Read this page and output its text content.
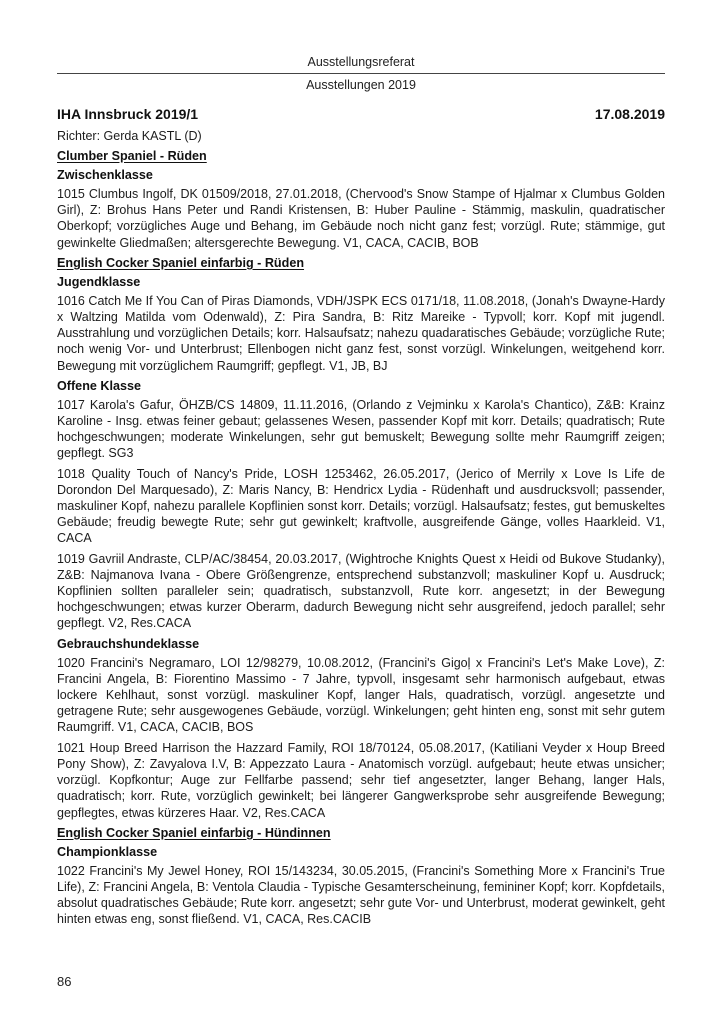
Ausstellungsreferat
Ausstellungen 2019
IHA Innsbruck 2019/1	17.08.2019
Richter: Gerda KASTL (D)
Clumber Spaniel - Rüden
Zwischenklasse

1015 Clumbus Ingolf, DK 01509/2018, 27.01.2018, (Chervood's Snow Stampe of Hjalmar x Clumbus Golden Girl), Z: Brohus Hans Peter und Randi Kristensen, B: Huber Pauline - Stämmig, maskulin, quadratischer Oberkopf; vorzügliches Auge und Behang, im Gebäude noch nicht ganz fest; vorzügl. Rute; stämmige, gut gewinkelte Gliedmaßen; altersgerechte Bewegung. V1, CACA, CACIB, BOB

English Cocker Spaniel einfarbig - Rüden
Jugendklasse

1016 Catch Me If You Can of Piras Diamonds, VDH/JSPK ECS 0171/18, 11.08.2018, (Jonah's Dwayne-Hardy x Waltzing Matilda vom Odenwald), Z: Pira Sandra, B: Ritz Mareike - Typvoll; korr. Kopf mit jugendl. Ausstrahlung und vorzüglichen Details; korr. Halsaufsatz; nahezu quadaratisches Gebäude; vorzügliche Rute; noch wenig Vor- und Unterbrust; Ellenbogen nicht ganz fest, sonst vorzügl. Winkelungen, weitgehend korr. Bewegung mit vorzüglichem Raumgriff; gepflegt. V1, JB, BJ

Offene Klasse

1017 Karola's Gafur, ÖHZB/CS 14809, 11.11.2016, (Orlando z Vejminku x Karola's Chantico), Z&B: Krainz Karoline - Insg. etwas feiner gebaut; gelassenes Wesen, passender Kopf mit korr. Details; quadratisch; Rute hochgeschwungen; moderate Winkelungen, sehr gut bemuskelt; Bewegung sollte mehr Raumgriff zeigen; gepflegt. SG3

1018 Quality Touch of Nancy's Pride, LOSH 1253462, 26.05.2017, (Jerico of Merrily x Love Is Life de Dorondon Del Marquesado), Z: Maris Nancy, B: Hendricx Lydia - Rüdenhaft und ausdrucksvoll; passender, maskuliner Kopf, nahezu parallele Kopflinien sonst korr. Details; vorzügl. Halsaufsatz; festes, gut bemuskeltes Gebäude; freudig bewegte Rute; sehr gut gewinkelt; kraftvolle, ausgreifende Gänge, volles Haarkleid. V1, CACA

1019 Gavriil Andraste, CLP/AC/38454, 20.03.2017, (Wightroche Knights Quest x Heidi od Bukove Studanky), Z&B: Najmanova Ivana - Obere Größengrenze, entsprechend substanzvoll; maskuliner Kopf u. Ausdruck; Kopflinien sollten paralleler sein; quadratisch, substanzvoll, Rute korr. angesetzt; in der Bewegung hochgeschwungen; etwas kurzer Oberarm, dadurch Bewegung nicht sehr ausgreifend, jedoch parallel; sehr gepflegt. V2, Res.CACA

Gebrauchshundeklasse

1020 Francini's Negramaro, LOI 12/98279, 10.08.2012, (Francini's Gigoļ x Francini's Let's Make Love), Z: Francini Angela, B: Fiorentino Massimo - 7 Jahre, typvoll, insgesamt sehr harmonisch aufgebaut, etwas lockere Kehlhaut, sonst vorzügl. maskuliner Kopf, langer Hals, quadratisch, vorzügl. angesetzte und getragene Rute; sehr ausgewogenes Gebäude, vorzügl. Winkelungen; geht hinten eng, sonst mit sehr gutem Raumgriff. V1, CACA, CACIB, BOS

1021 Houp Breed Harrison the Hazzard Family, ROI 18/70124, 05.08.2017, (Katiliani Veyder x Houp Breed Pony Show), Z: Zavyalova I.V, B: Appezzato Laura - Anatomisch vorzügl. aufgebaut; heute etwas unsicher; vorzügl. Kopfkontur; Auge zur Fellfarbe passend; sehr tief angesetzter, langer Behang, langer Hals, quadratisch; korr. Rute, vorzüglich gewinkelt; bei längerer Gangwerksprobe sehr ausgreifende Bewegung; gepflegtes, etwas kürzeres Haar. V2, Res.CACA

English Cocker Spaniel einfarbig - Hündinnen
Championklasse

1022 Francini's My Jewel Honey, ROI 15/143234, 30.05.2015, (Francini's Something More x Francini's True Life), Z: Francini Angela, B: Ventola Claudia - Typische Gesamterscheinung, femininer Kopf; korr. Kopfdetails, absolut quadratisches Gebäude; Rute korr. angesetzt; sehr gute Vor- und Unterbrust, moderat gewinkelt, geht hinten etwas eng, sonst fließend. V1, CACA, Res.CACIB

86
